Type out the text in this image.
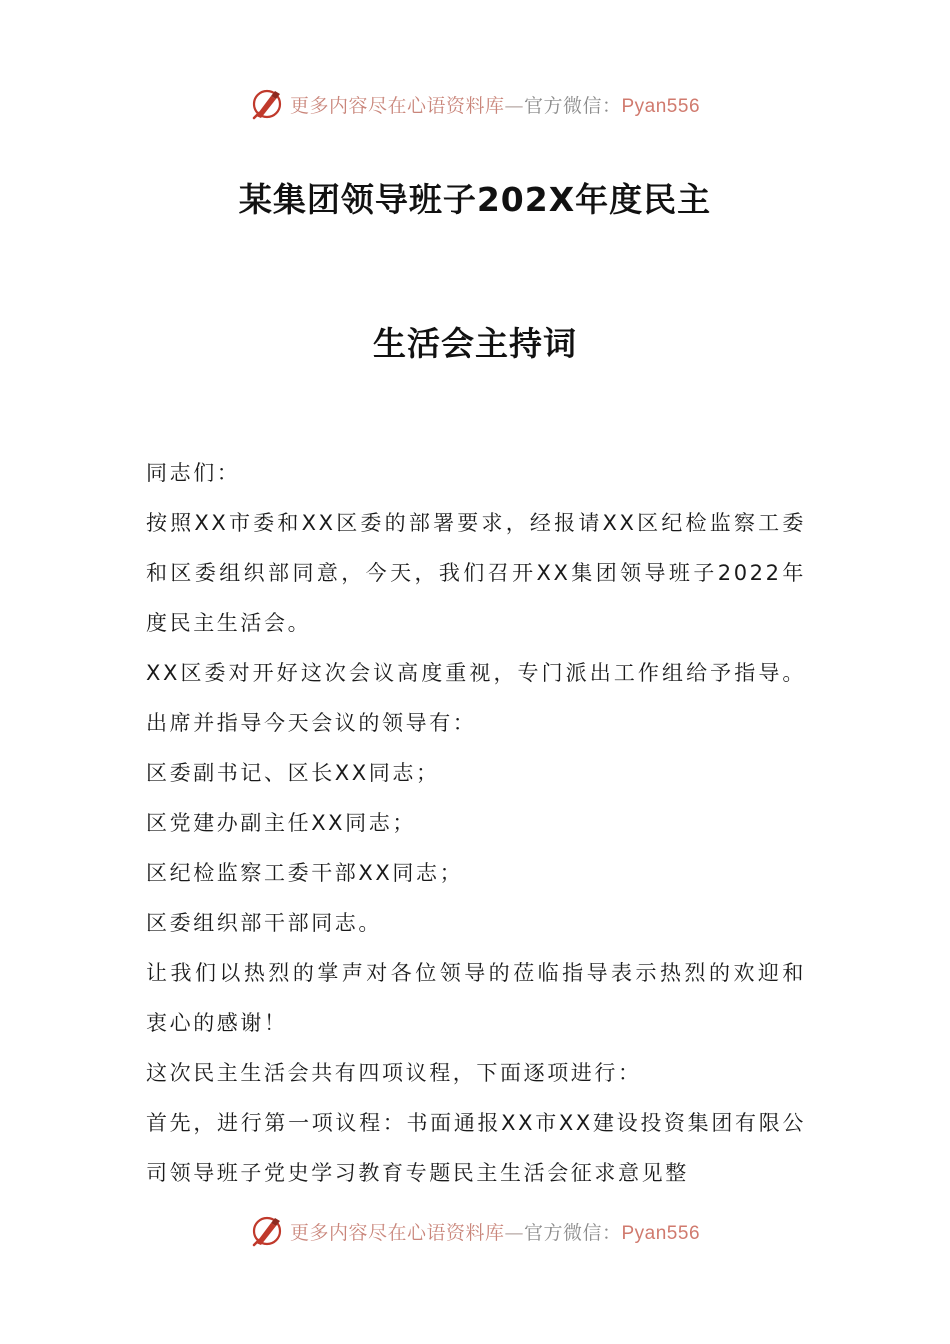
更多内容尽在心语资料库—官方微信：Pyan556
某集团领导班子202X年度民主
生活会主持词

同志们：

按照XX市委和XX区委的部署要求，经报请XX区纪检监察工委和区委组织部同意，今天，我们召开XX集团领导班子2022年度民主生活会。

XX区委对开好这次会议高度重视，专门派出工作组给予指导。出席并指导今天会议的领导有：

区委副书记、区长XX同志；

区党建办副主任XX同志；

区纪检监察工委干部XX同志；

区委组织部干部同志。

让我们以热烈的掌声对各位领导的莅临指导表示热烈的欢迎和衷心的感谢！

这次民主生活会共有四项议程，下面逐项进行：

首先，进行第一项议程：书面通报XX市XX建设投资集团有限公司领导班子党史学习教育专题民主生活会征求意见整

更多内容尽在心语资料库—官方微信：Pyan556
